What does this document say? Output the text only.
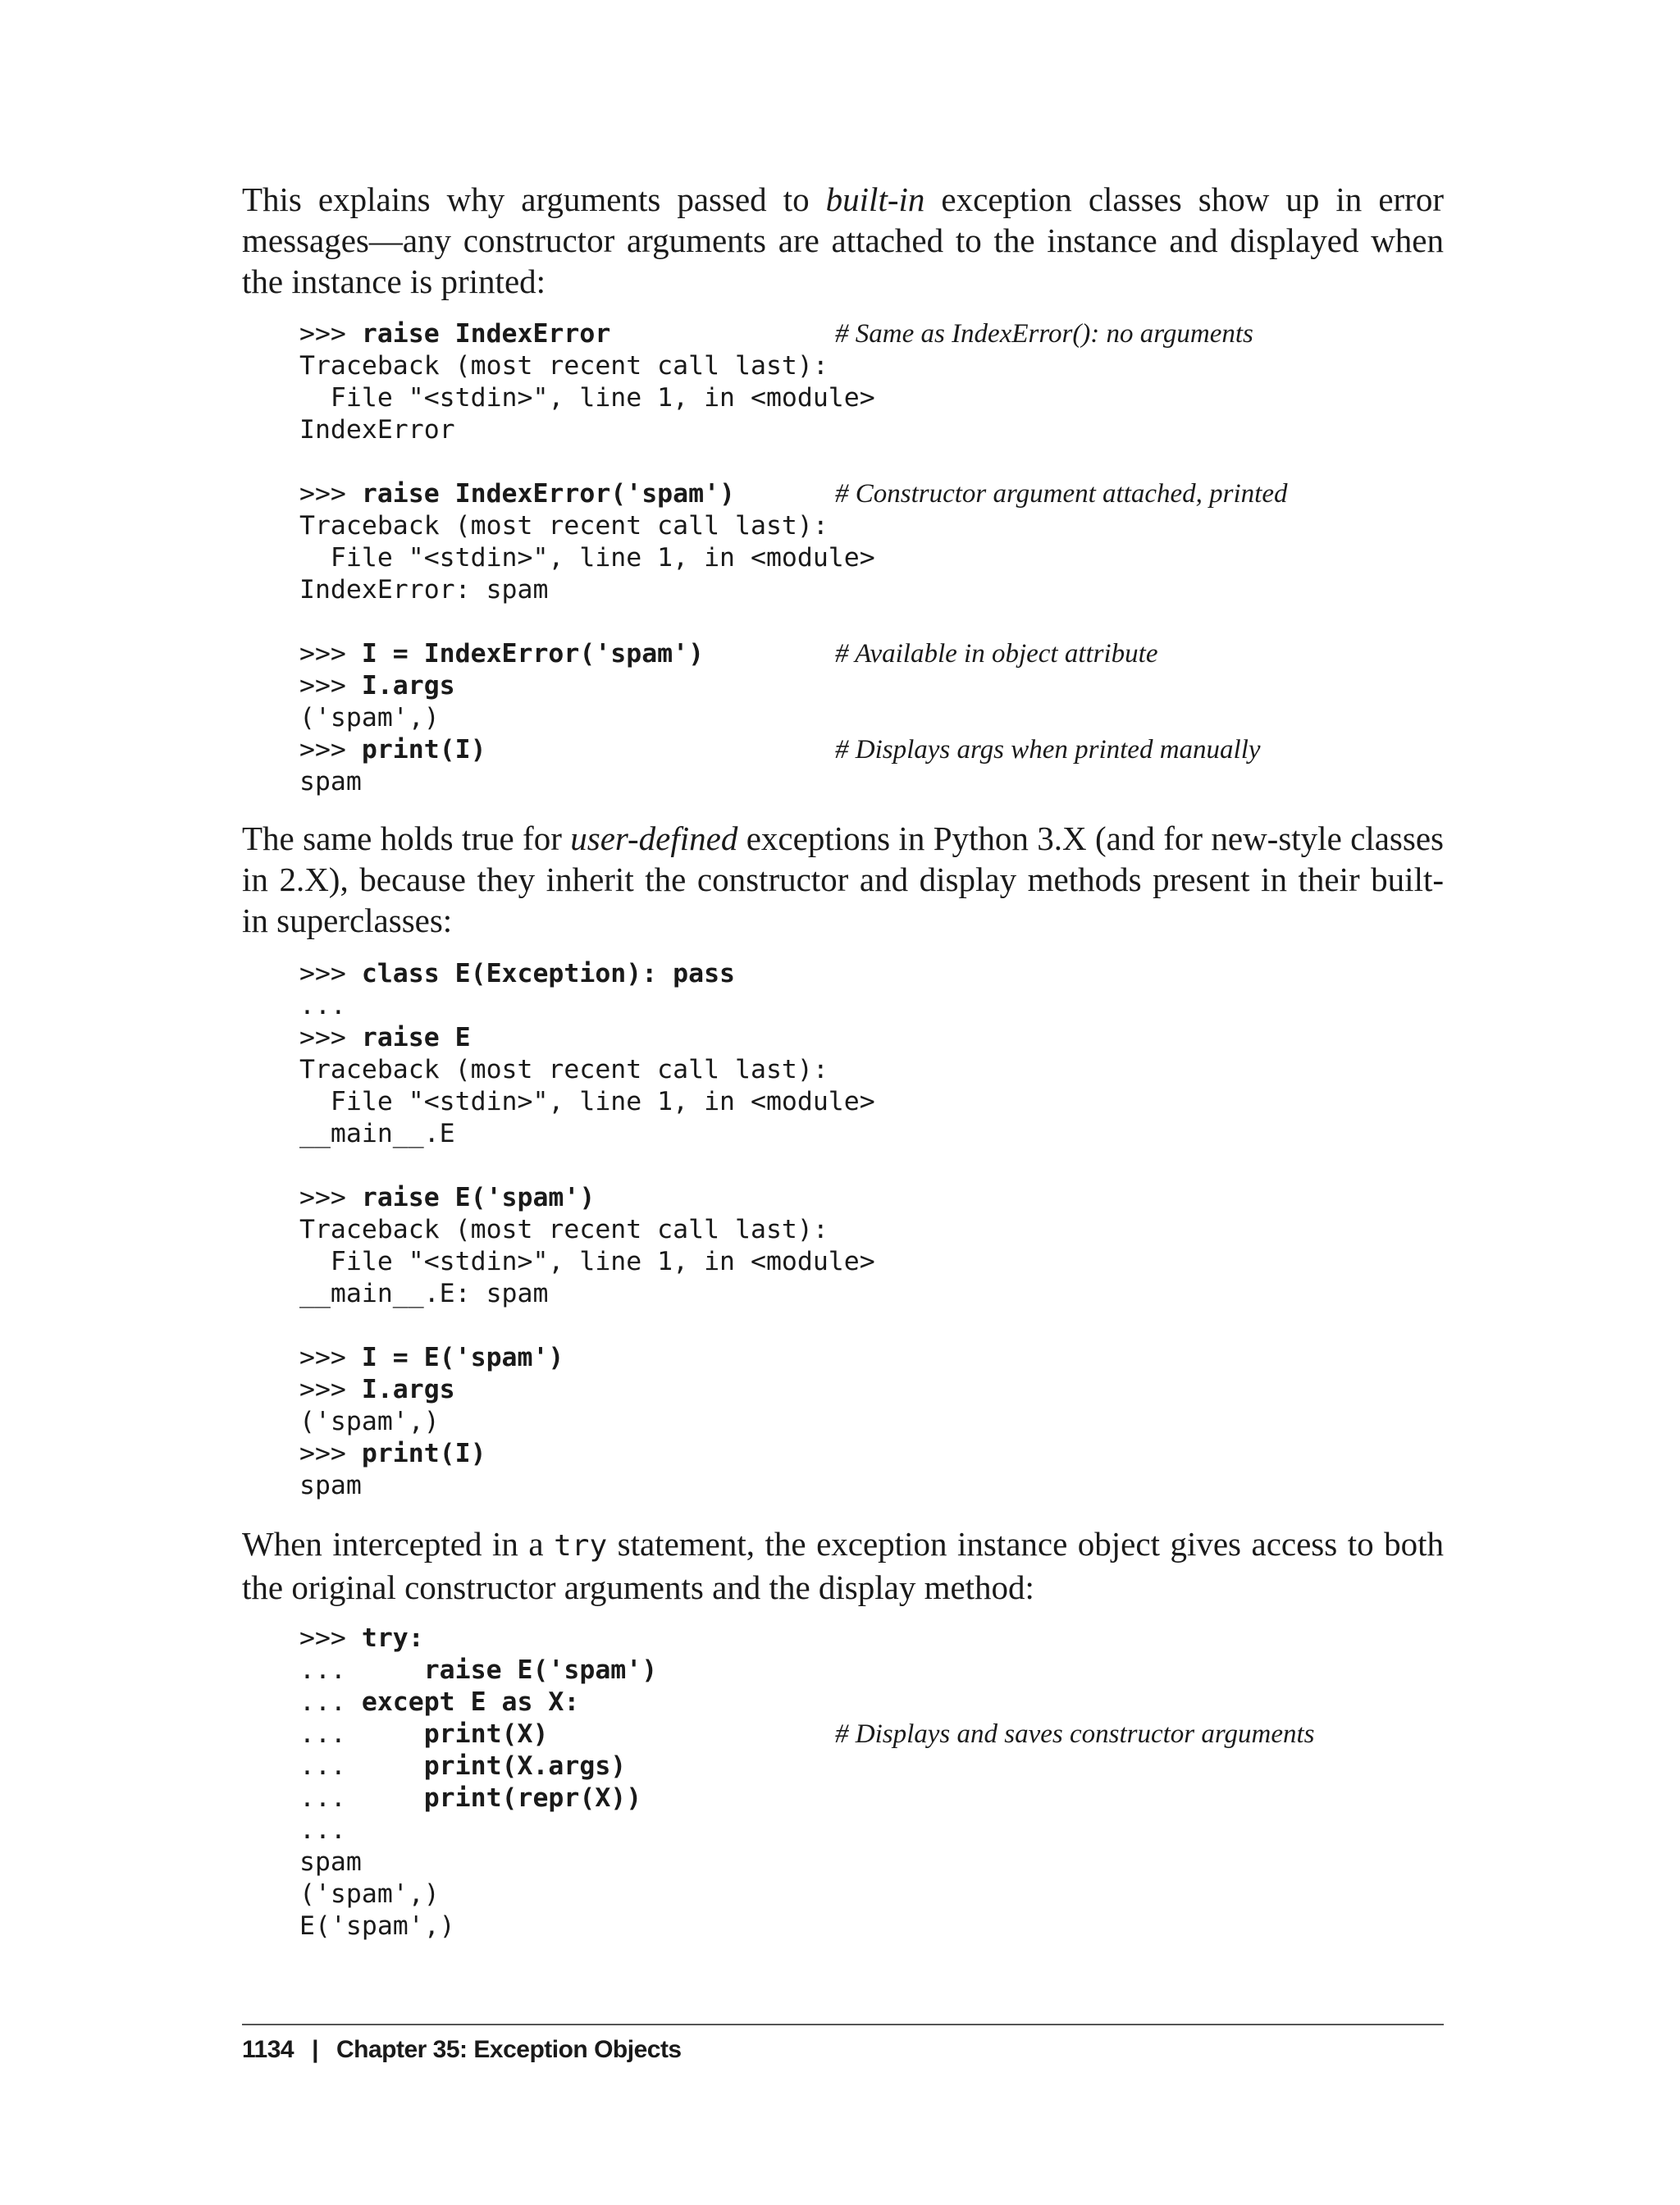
This explains why arguments passed to built-in exception classes show up in error
messages—any constructor arguments are attached to the instance and displayed when
the instance is printed:

>>> raise IndexError	# Same as IndexError(): no arguments
Traceback (most recent call last):
File "<stdin>", line 1, in <module>
IndexError
>>> raise IndexError('spam')	# Constructor argument attached, printed
Traceback (most recent call last):
File "<stdin>", line 1, in <module>
IndexError: spam
>>> I = IndexError('spam')	# Available in object attribute
>>> I.args
('spam',)
>>> print(I)	# Displays args when printed manually
spam

The same holds true for user-defined exceptions in Python 3.X (and for new-style classes
in 2.X), because they inherit the constructor and display methods present in their built-
in superclasses:

>>> class E(Exception): pass
...
>>> raise E
Traceback (most recent call last):
File "<stdin>", line 1, in <module>
__main__.E
>>> raise E('spam')
Traceback (most recent call last):
File "<stdin>", line 1, in <module>
__main__.E: spam
>>> I = E('spam')
>>> I.args
('spam',)
>>> print(I)
spam

When intercepted in a try statement, the exception instance object gives access to both
the original constructor arguments and the display method:

>>> try:
...     raise E('spam')
... except E as X:
...     print(X)	# Displays and saves constructor arguments
...     print(X.args)
...     print(repr(X))
...
spam
('spam',)
E('spam',)
1134 | Chapter 35: Exception Objects
